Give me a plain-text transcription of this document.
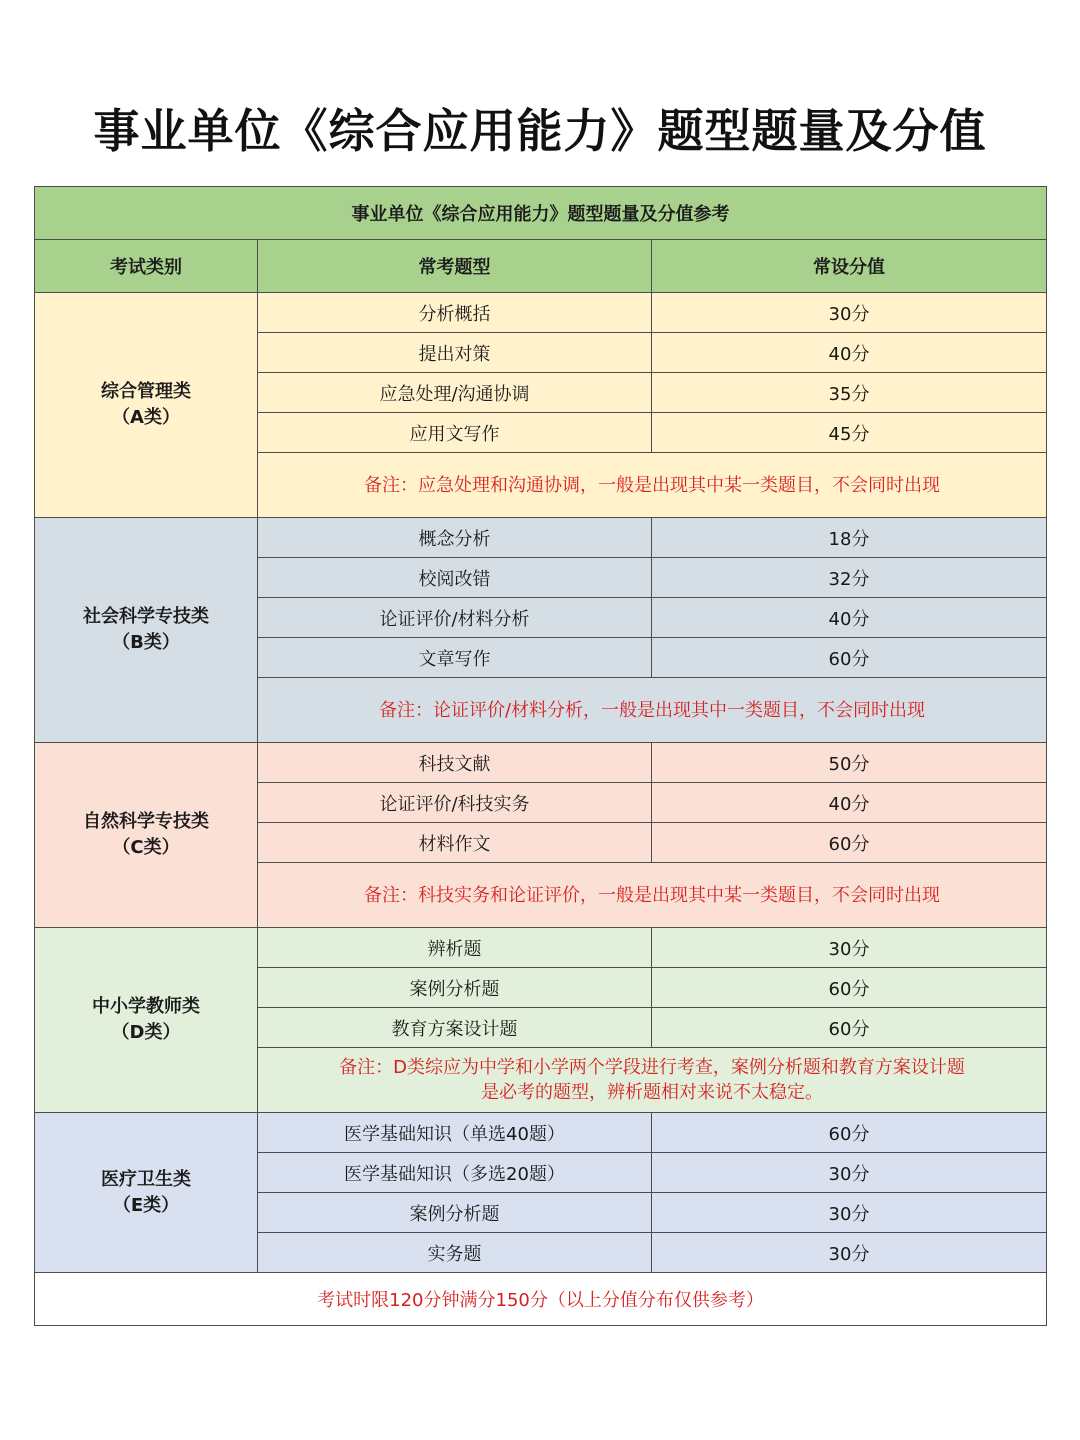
事业单位《综合应用能力》题型题量及分值
事业单位《综合应用能力》题型题量及分值参考		
考试类别	常考题型	常设分值

综合管理类
（A类）	分析概括	30分
	提出对策	40分
	应急处理/沟通协调	35分
	应用文写作	45分

	备注：应急处理和沟通协调，一般是出现其中某一类题目，不会同时出现	

社会科学专技类
（B类）	概念分析	18分
	校阅改错	32分
	论证评价/材料分析	40分
	文章写作	60分

	备注：论证评价/材料分析，一般是出现其中一类题目，不会同时出现	

自然科学专技类
（C类）	科技文献	50分
	论证评价/科技实务	40分
	材料作文	60分

	备注：科技实务和论证评价，一般是出现其中某一类题目，不会同时出现	

中小学教师类
（D类）	辨析题	30分
	案例分析题	60分
	教育方案设计题	60分

	备注：D类综应为中学和小学两个学段进行考查，案例分析题和教育方案设计题
是必考的题型，辨析题相对来说不太稳定。	

医疗卫生类
（E类）	医学基础知识（单选40题）	60分
	医学基础知识（多选20题）	30分
	案例分析题	30分
	实务题	30分
考试时限120分钟满分150分（以上分值分布仅供参考）		
